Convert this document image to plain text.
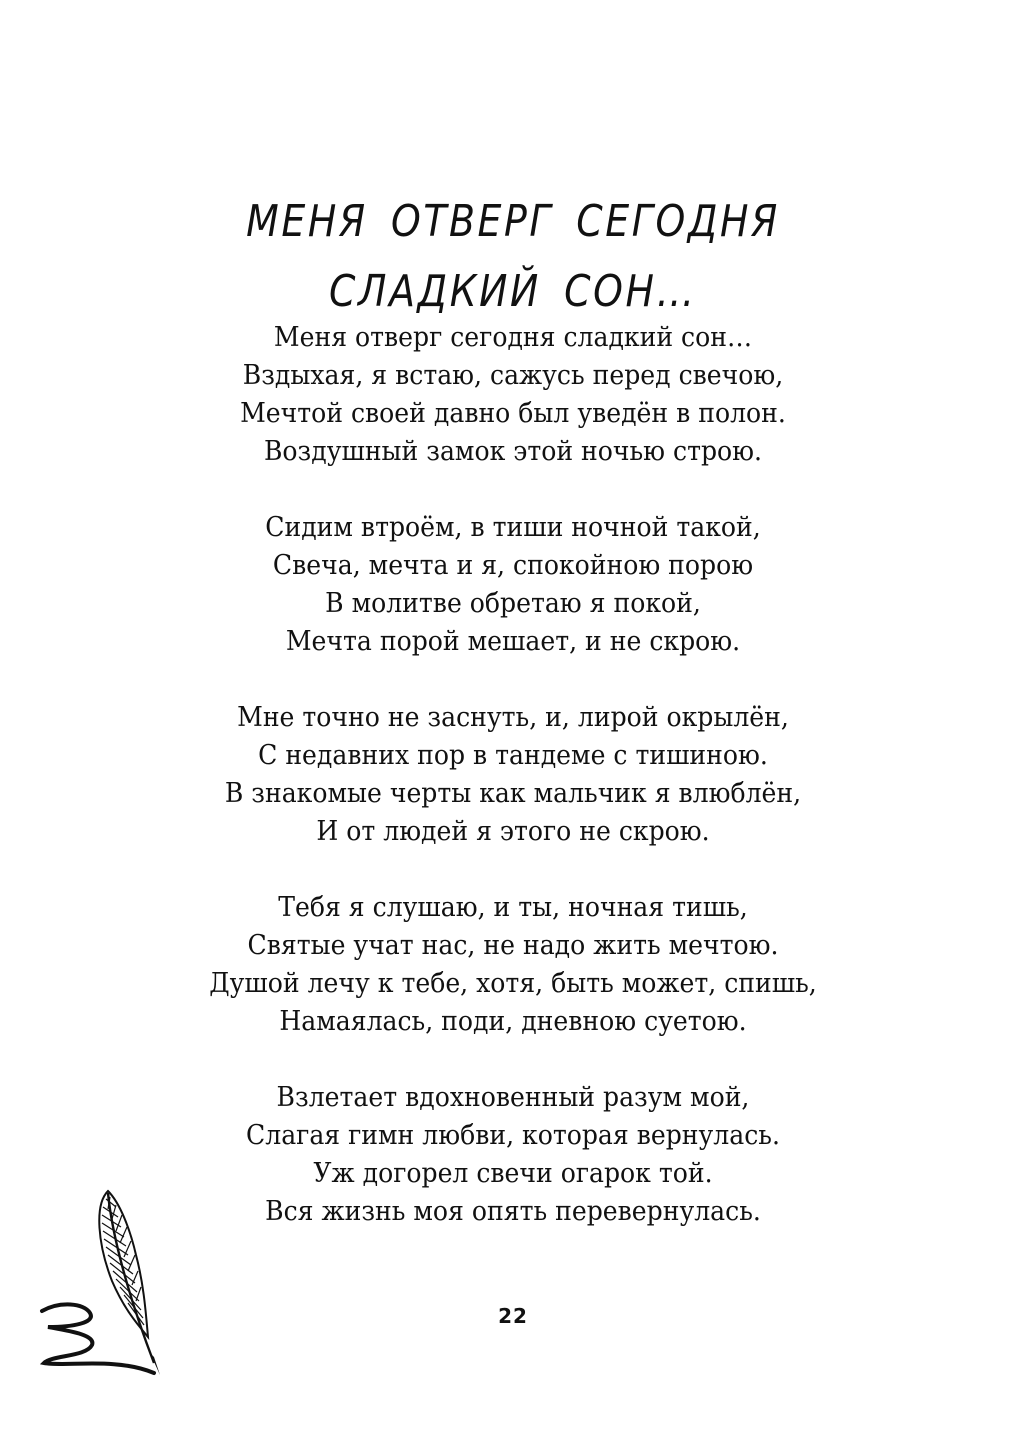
МЕНЯ ОТВЕРГ СЕГОДНЯ
СЛАДКИЙ СОН…

Меня отверг сегодня сладкий сон…
Вздыхая, я встаю, сажусь перед свечою,
Мечтой своей давно был уведён в полон.
Воздушный замок этой ночью строю.

Сидим втроём, в тиши ночной такой,
Свеча, мечта и я, спокойною порою
В молитве обретаю я покой,
Мечта порой мешает, и не скрою.

Мне точно не заснуть, и, лирой окрылён,
С недавних пор в тандеме с тишиною.
В знакомые черты как мальчик я влюблён,
И от людей я этого не скрою.

Тебя я слушаю, и ты, ночная тишь,
Святые учат нас, не надо жить мечтою.
Душой лечу к тебе, хотя, быть может, спишь,
Намаялась, поди, дневною суетою.

Взлетает вдохновенный разум мой,
Слагая гимн любви, которая вернулась.
Уж догорел свечи огарок той.
Вся жизнь моя опять перевернулась.

22
